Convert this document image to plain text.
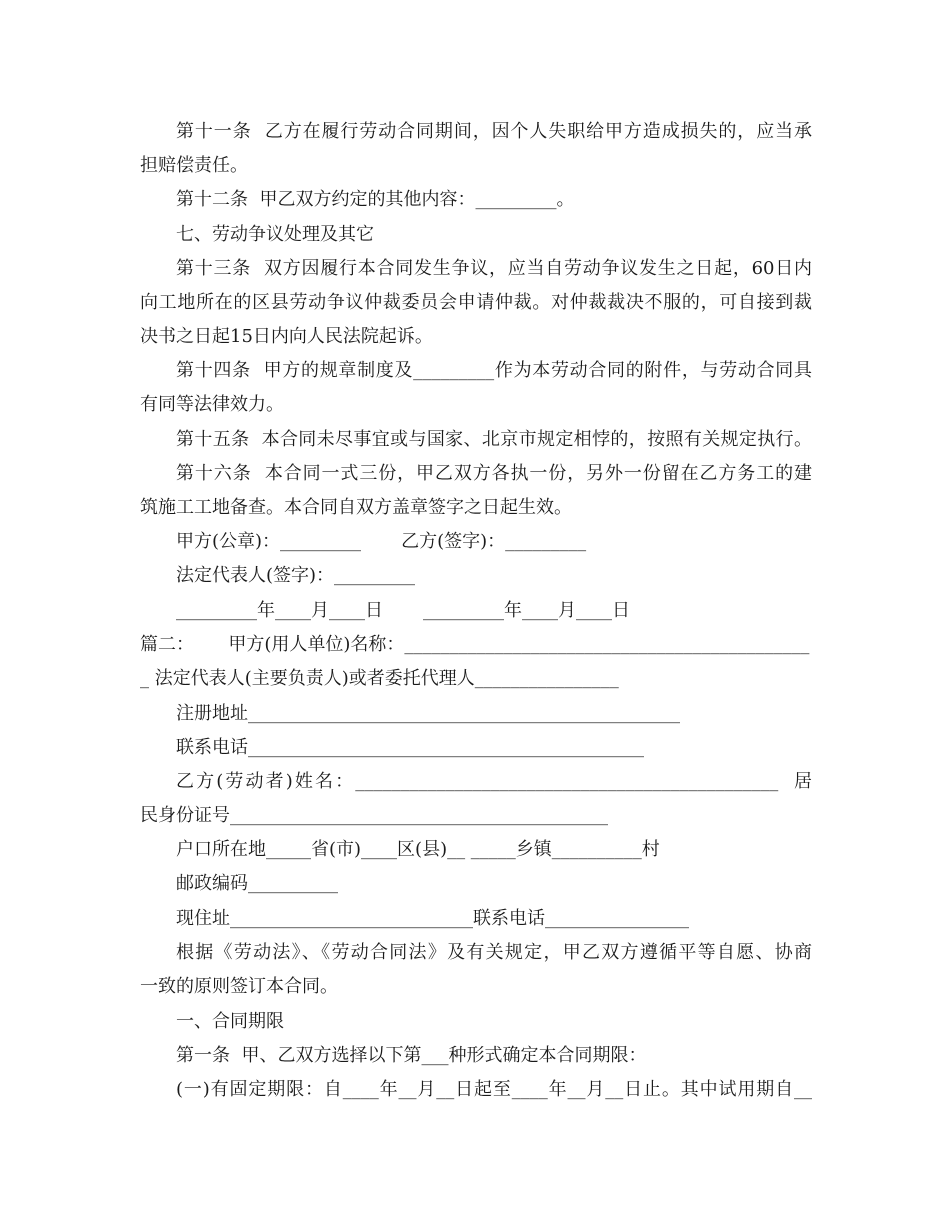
第十一条  乙方在履行劳动合同期间，因个人失职给甲方造成损失的，应当承
担赔偿责任。
第十二条  甲乙双方约定的其他内容：_________。
七、劳动争议处理及其它
第十三条  双方因履行本合同发生争议，应当自劳动争议发生之日起，60日内
向工地所在的区县劳动争议仲裁委员会申请仲裁。对仲裁裁决不服的，可自接到裁
决书之日起15日内向人民法院起诉。
第十四条  甲方的规章制度及_________作为本劳动合同的附件，与劳动合同具
有同等法律效力。
第十五条  本合同未尽事宜或与国家、北京市规定相悖的，按照有关规定执行。
第十六条  本合同一式三份，甲乙双方各执一份，另外一份留在乙方务工的建
筑施工工地备查。本合同自双方盖章签字之日起生效。
甲方(公章)：_________       乙方(签字)：_________
法定代表人(签字)：_________
_________年____月____日       _________年____月____日
篇二：      甲方(用人单位)名称：_____________________________________________
_ 法定代表人(主要负责人)或者委托代理人________________
注册地址________________________________________________
联系电话____________________________________________
乙方(劳动者)姓名：_______________________________________________  居
民身份证号__________________________________________
户口所在地_____省(市)____区(县)__ _____乡镇__________村
邮政编码__________
现住址___________________________联系电话________________
根据《劳动法》、《劳动合同法》及有关规定，甲乙双方遵循平等自愿、协商
一致的原则签订本合同。
一、合同期限
第一条  甲、乙双方选择以下第___种形式确定本合同期限：
(一)有固定期限：自____年__月__日起至____年__月__日止。其中试用期自__
